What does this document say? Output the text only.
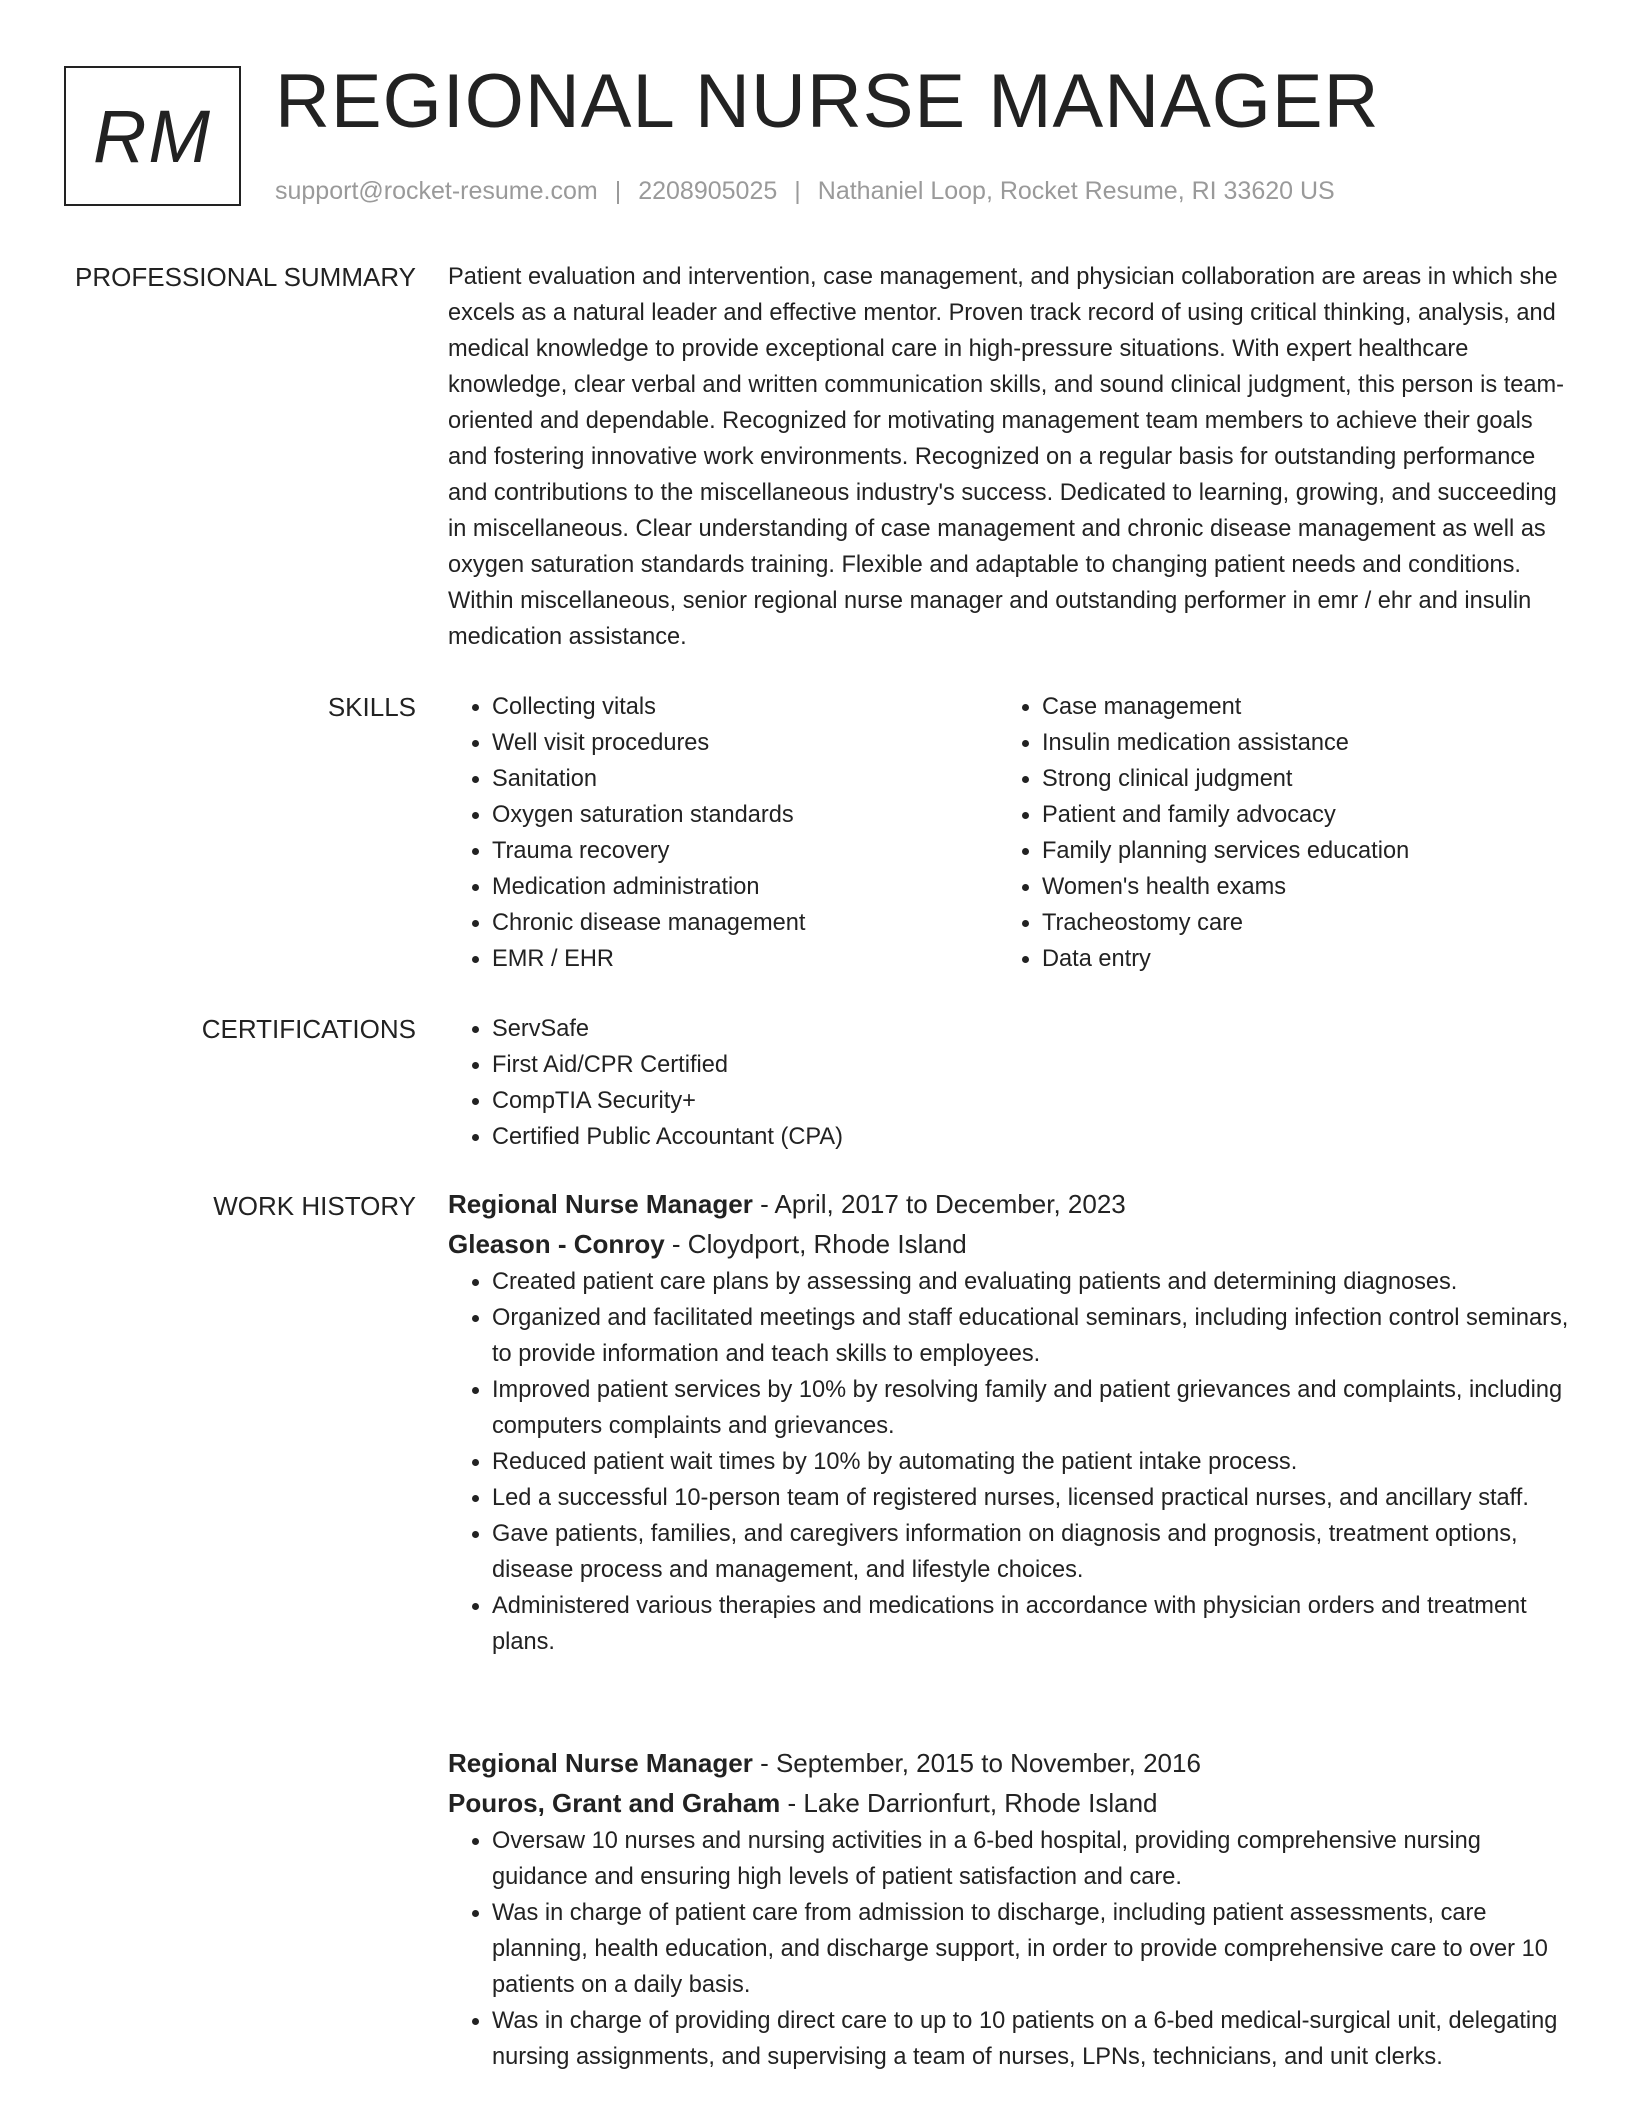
RM REGIONAL NURSE MANAGER
support@rocket-resume.com | 2208905025 | Nathaniel Loop, Rocket Resume, RI 33620 US
PROFESSIONAL SUMMARY Patient evaluation and intervention, case management, and physician collaboration are areas in which she excels as a natural leader and effective mentor. Proven track record of using critical thinking, analysis, and medical knowledge to provide exceptional care in high-pressure situations. With expert healthcare knowledge, clear verbal and written communication skills, and sound clinical judgment, this person is team-oriented and dependable. Recognized for motivating management team members to achieve their goals and fostering innovative work environments. Recognized on a regular basis for outstanding performance and contributions to the miscellaneous industry's success. Dedicated to learning, growing, and succeeding in miscellaneous. Clear understanding of case management and chronic disease management as well as oxygen saturation standards training. Flexible and adaptable to changing patient needs and conditions. Within miscellaneous, senior regional nurse manager and outstanding performer in emr / ehr and insulin medication assistance.

SKILLS	• Collecting vitals
• Well visit procedures
• Sanitation
• Oxygen saturation standards
• Trauma recovery
• Medication administration
• Chronic disease management
• EMR / EHR
• Case management
• Insulin medication assistance
• Strong clinical judgment
• Patient and family advocacy
• Family planning services education
• Women's health exams
• Tracheostomy care
• Data entry
CERTIFICATIONS	• ServSafe
• First Aid/CPR Certified
• CompTIA Security+
• Certified Public Accountant (CPA)
WORK HISTORY Regional Nurse Manager - April, 2017 to December, 2023
Gleason - Conroy - Cloydport, Rhode Island
• Created patient care plans by assessing and evaluating patients and determining diagnoses.
• Organized and facilitated meetings and staff educational seminars, including infection control seminars, to provide information and teach skills to employees.
• Improved patient services by 10% by resolving family and patient grievances and complaints, including computers complaints and grievances.
• Reduced patient wait times by 10% by automating the patient intake process.
• Led a successful 10-person team of registered nurses, licensed practical nurses, and ancillary staff.
• Gave patients, families, and caregivers information on diagnosis and prognosis, treatment options, disease process and management, and lifestyle choices.
• Administered various therapies and medications in accordance with physician orders and treatment plans.
Regional Nurse Manager - September, 2015 to November, 2016
Pouros, Grant and Graham - Lake Darrionfurt, Rhode Island
• Oversaw 10 nurses and nursing activities in a 6-bed hospital, providing comprehensive nursing guidance and ensuring high levels of patient satisfaction and care.
• Was in charge of patient care from admission to discharge, including patient assessments, care planning, health education, and discharge support, in order to provide comprehensive care to over 10 patients on a daily basis.
• Was in charge of providing direct care to up to 10 patients on a 6-bed medical-surgical unit, delegating nursing assignments, and supervising a team of nurses, LPNs, technicians, and unit clerks.
